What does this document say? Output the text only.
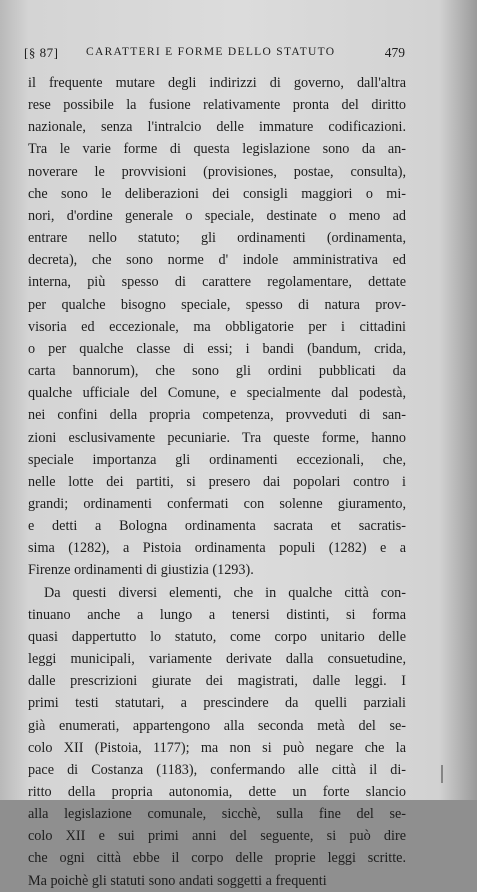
[§ 87] CARATTERI E FORME DELLO STATUTO	479
il frequente mutare degli indirizzi di governo, dall'altra
rese possibile la fusione relativamente pronta del diritto
nazionale, senza l'intralcio delle immature codificazioni.
Tra le varie forme di questa legislazione sono da an-
noverare le provvisioni (provisiones, postae, consulta),
che sono le deliberazioni dei consigli maggiori o mi-
nori, d'ordine generale o speciale, destinate o meno ad
entrare nello statuto; gli ordinamenti (ordinamenta,
decreta), che sono norme d' indole amministrativa ed
interna, più spesso di carattere regolamentare, dettate
per qualche bisogno speciale, spesso di natura prov-
visoria ed eccezionale, ma obbligatorie per i cittadini
o per qualche classe di essi; i bandi (bandum, crida,
carta bannorum), che sono gli ordini pubblicati da
qualche ufficiale del Comune, e specialmente dal podestà,
nei confini della propria competenza, provveduti di san-
zioni esclusivamente pecuniarie. Tra queste forme, hanno
speciale importanza gli ordinamenti eccezionali, che,
nelle lotte dei partiti, si presero dai popolari contro i
grandi; ordinamenti confermati con solenne giuramento,
e detti a Bologna ordinamenta sacrata et sacratis-
sima (1282), a Pistoia ordinamenta populi (1282) e a
Firenze ordinamenti di giustizia (1293).
Da questi diversi elementi, che in qualche città con-
tinuano anche a lungo a tenersi distinti, si forma
quasi dappertutto lo statuto, come corpo unitario delle
leggi municipali, variamente derivate dalla consuetudine,
dalle prescrizioni giurate dei magistrati, dalle leggi. I
primi testi statutari, a prescindere da quelli parziali
già enumerati, appartengono alla seconda metà del se-
colo XII (Pistoia, 1177); ma non si può negare che la
pace di Costanza (1183), confermando alle città il di-
ritto della propria autonomia, dette un forte slancio
alla legislazione comunale, sicchè, sulla fine del se-
colo XII e sui primi anni del seguente, si può dire
che ogni città ebbe il corpo delle proprie leggi scritte.
Ma poichè gli statuti sono andati soggetti a frequenti
